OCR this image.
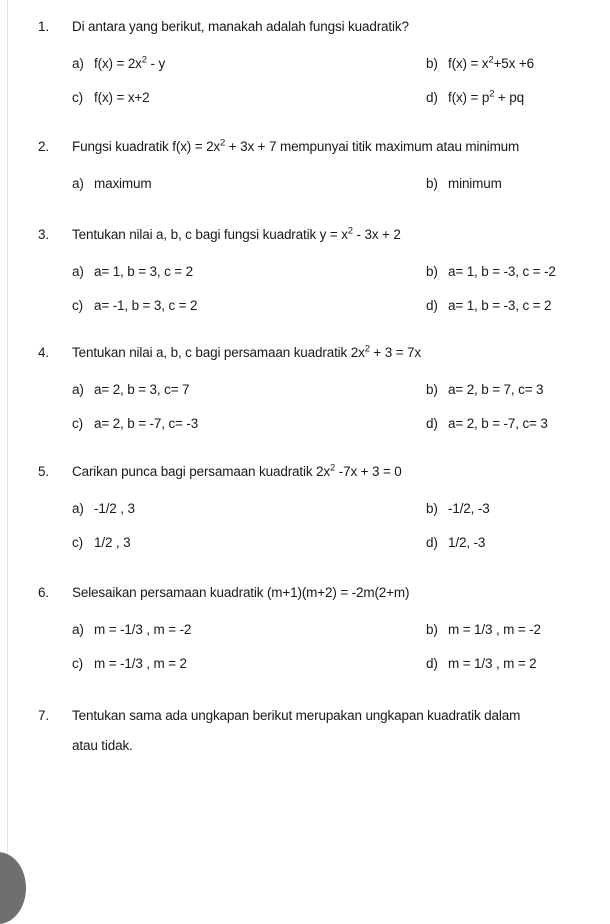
1.	Di antara yang berikut, manakah adalah fungsi kuadratik?
a) $f(x) = 2x^2 - y$	b) $f(x) = x^2+5x +6$
c) f(x) = x+2	d) $f(x) = p^2$ + pq
2.	Fungsi kuadratik $f(x) = 2x^2 + 3x + 7$ mempunyai titik maximum atau minimum
a) maximum	b) minimum
3.	Tentukan nilai a, b, c bagi fungsi kuadratik $y = x^2 - 3x + 2$
a) a= 1, b = 3, c = 2	b) a= 1, b = -3, c = -2
c) a= -1, b = 3, c = 2	d) a= 1, b = -3, c = 2
4.	Tentukan nilai a, b, c bagi persamaan kuadratik $2x^2 + 3 = 7x$
a) a= 2, b = 3, c= 7	b) a= 2, b = 7, c= 3
c) a= 2, b = -7, c= -3	d) a= 2, b = -7, c= 3
5.	Carikan punca bagi persamaan kuadratik $2x^2$ -7x + 3 = 0
a) -1/2 , 3	b) -1/2, -3
c) 1/2 , 3	d) 1/2, -3
6.	Selesaikan persamaan kuadratik (m+1)(m+2) = -2m(2+m)
a) m = -1/3 , m = -2	b) m = 1/3 , m = -2
c) m = -1/3 , m = 2	d) m = 1/3 , m = 2
7.	Tentukan sama ada ungkapan berikut merupakan ungkapan kuadratik dalam
atau tidak.
